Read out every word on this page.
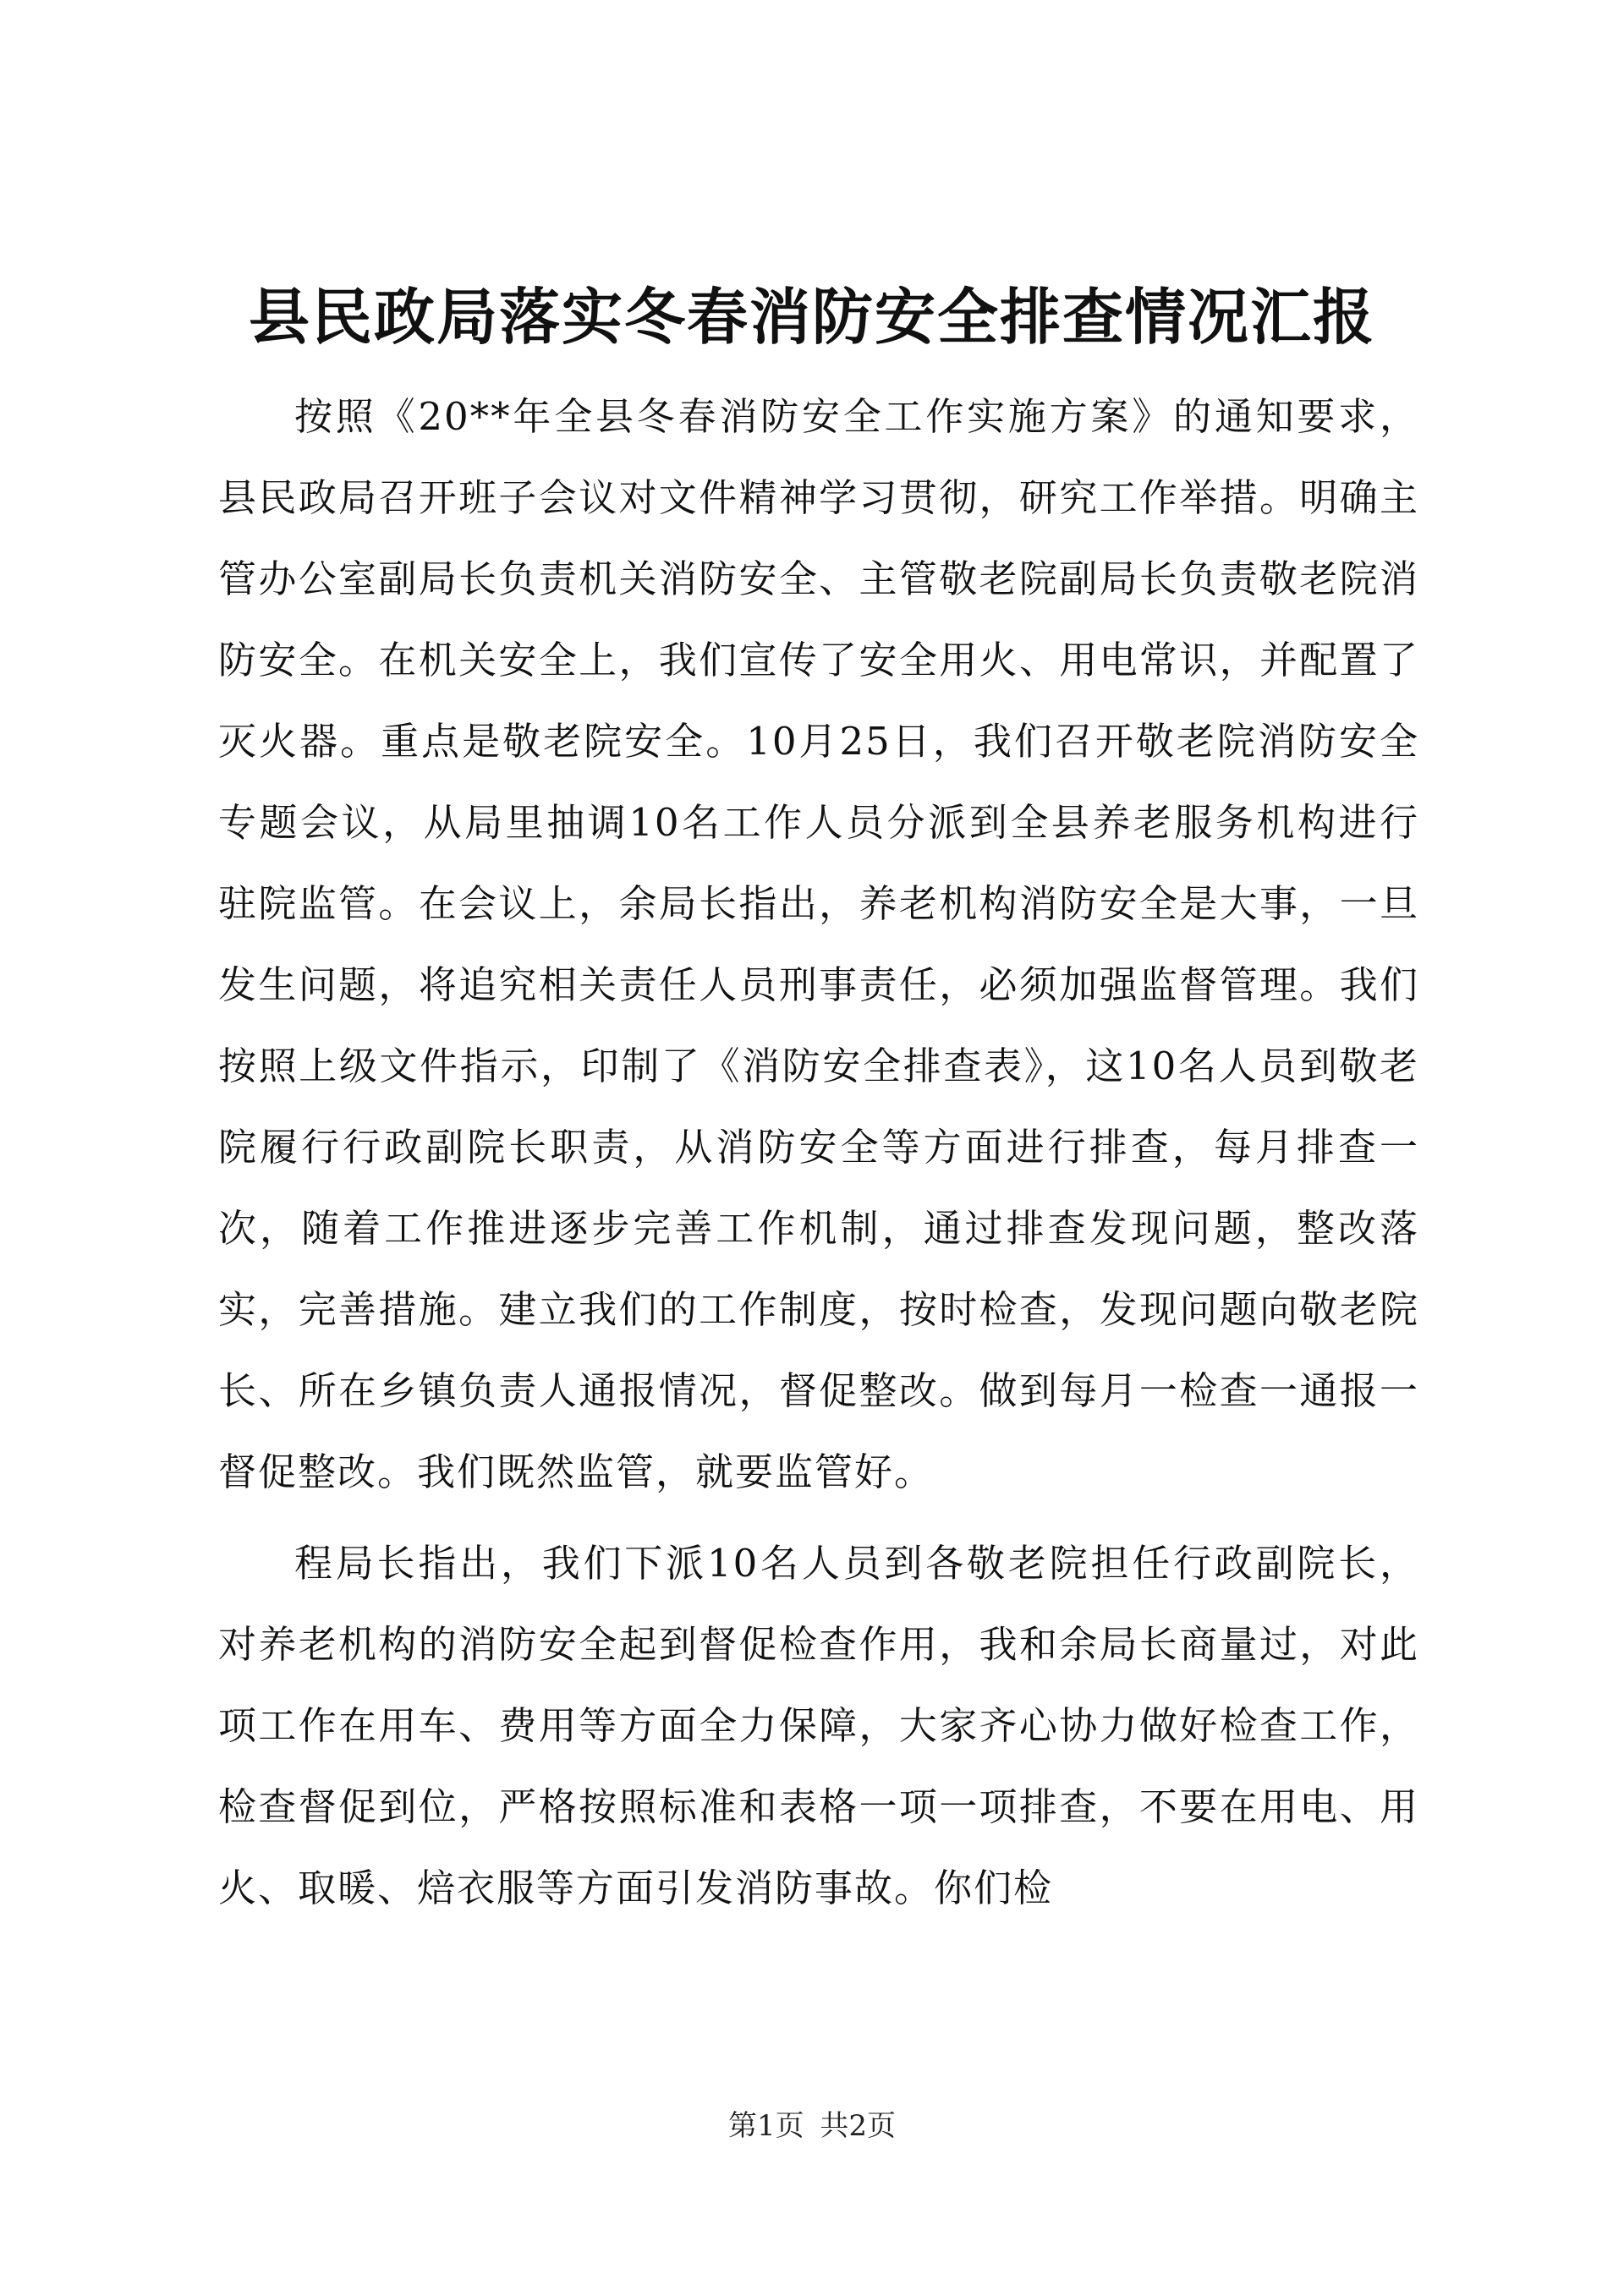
县民政局落实冬春消防安全排查情况汇报

按照《20**年全县冬春消防安全工作实施方案》的通知要求，县民政局召开班子会议对文件精神学习贯彻，研究工作举措。明确主管办公室副局长负责机关消防安全、主管敬老院副局长负责敬老院消防安全。在机关安全上，我们宣传了安全用火、用电常识，并配置了灭火器。重点是敬老院安全。10月25日，我们召开敬老院消防安全专题会议，从局里抽调10名工作人员分派到全县养老服务机构进行驻院监管。在会议上，余局长指出，养老机构消防安全是大事，一旦发生问题，将追究相关责任人员刑事责任，必须加强监督管理。我们按照上级文件指示，印制了《消防安全排查表》，这10名人员到敬老院履行行政副院长职责，从消防安全等方面进行排查，每月排查一次，随着工作推进逐步完善工作机制，通过排查发现问题，整改落实，完善措施。建立我们的工作制度，按时检查，发现问题向敬老院长、所在乡镇负责人通报情况，督促整改。做到每月一检查一通报一督促整改。我们既然监管，就要监管好。

程局长指出，我们下派10名人员到各敬老院担任行政副院长，对养老机构的消防安全起到督促检查作用，我和余局长商量过，对此项工作在用车、费用等方面全力保障，大家齐心协力做好检查工作，检查督促到位，严格按照标准和表格一项一项排查，不要在用电、用火、取暖、焙衣服等方面引发消防事故。你们检

第1页 共2页
